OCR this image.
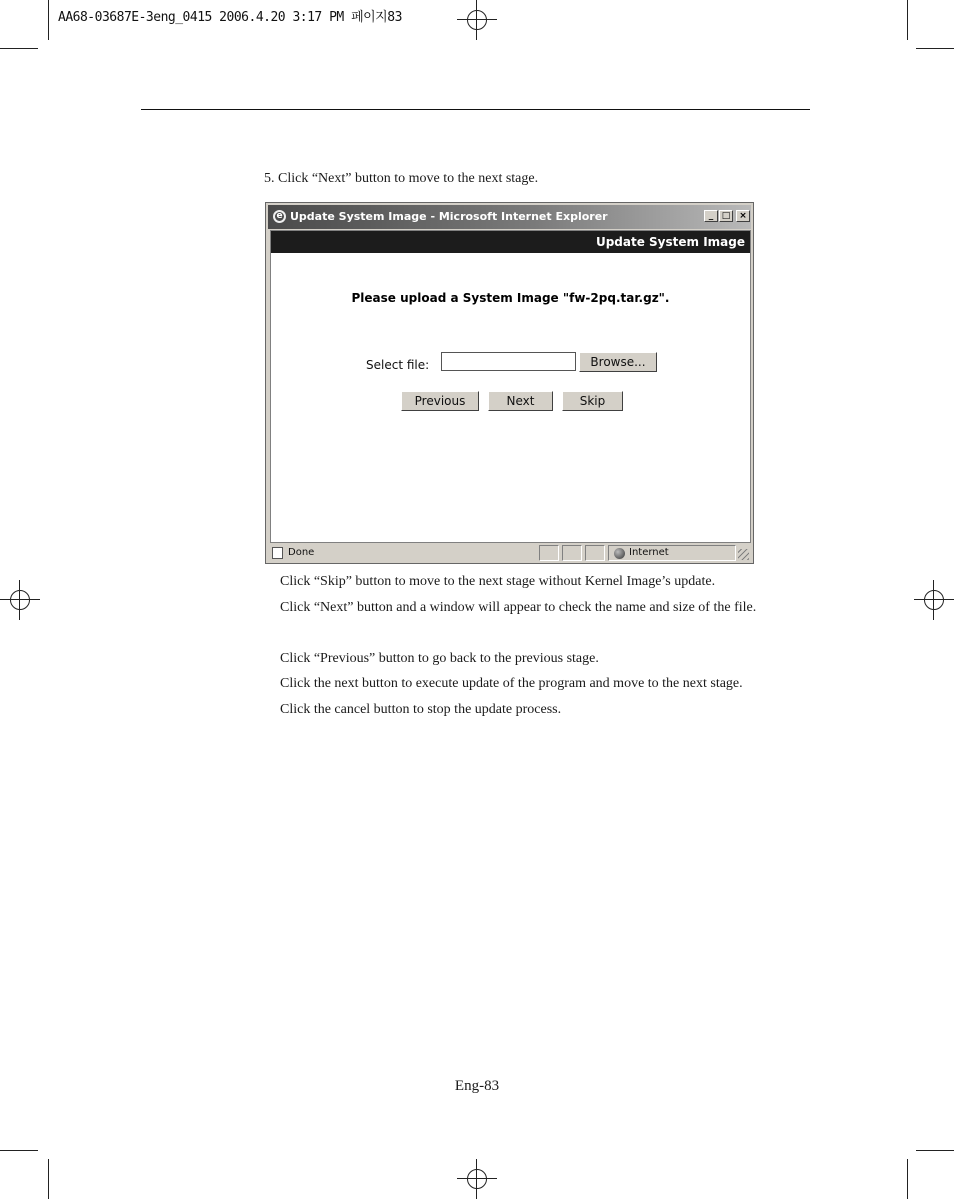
AA68-03687E-3eng_0415 2006.4.20 3:17 PM 페이지83
5. Click “Next” button to move to the next stage.
e Update System Image - Microsoft Internet Explorer	_ □ ×
Update System Image
Please upload a System Image "fw-2pq.tar.gz".
Select file:	Browse...
Previous	Next	Skip
Done	Internet
Click “Skip” button to move to the next stage without Kernel Image’s update.
Click “Next” button and a window will appear to check the name and size of the file.
Click “Previous” button to go back to the previous stage.
Click the next button to execute update of the program and move to the next stage.
Click the cancel button to stop the update process.
Eng-83
